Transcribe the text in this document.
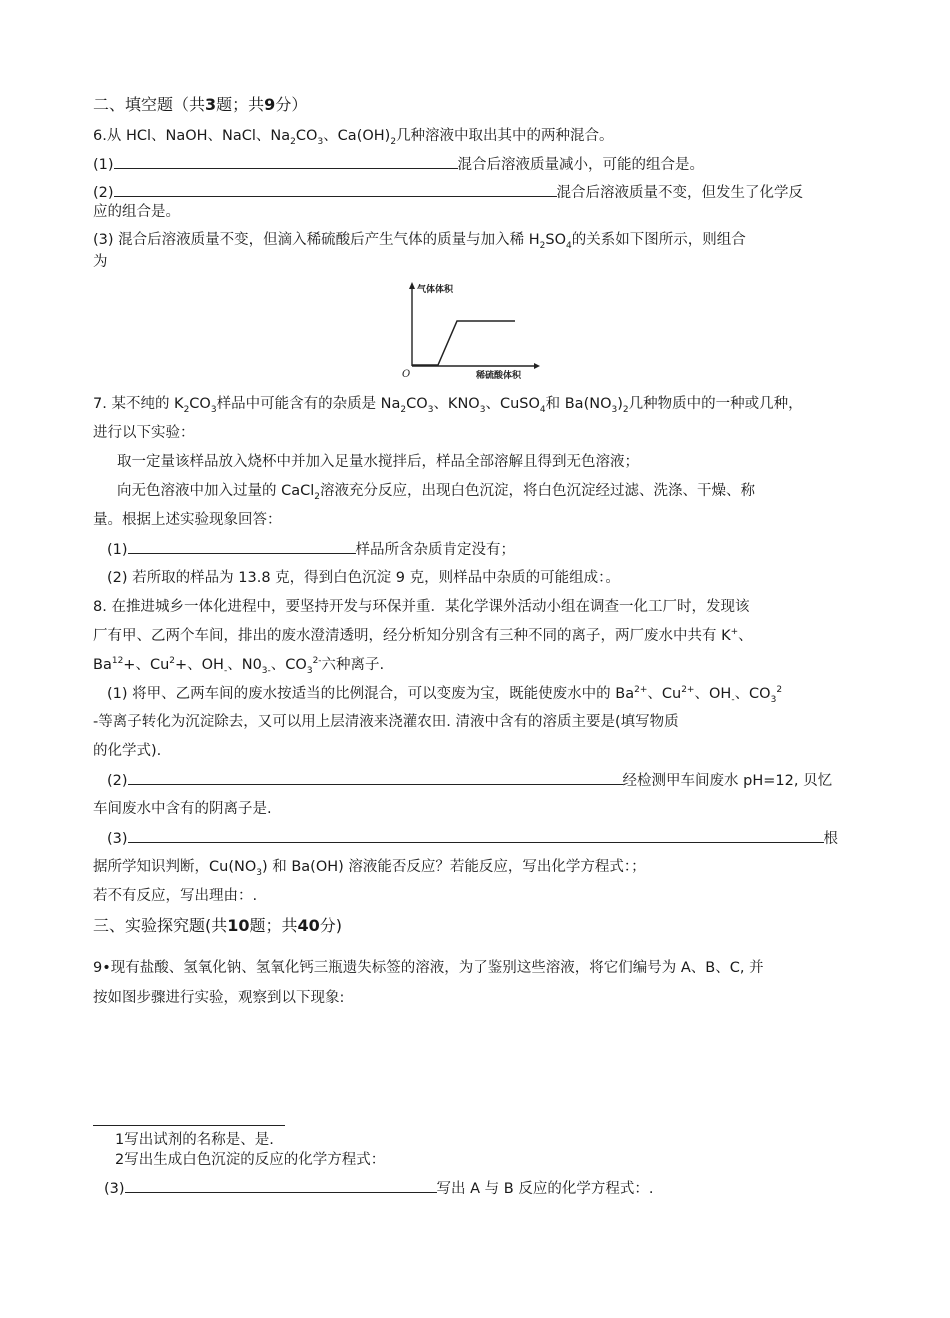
二、填空题（共3题；共9分）
6.从 HCl、NaOH、NaCl、$Na_2CO_3$、$Ca(OH)_2$几种溶液中取出其中的两种混合。
(1)	混合后溶液质量减小，可能的组合是。
(2)	混合后溶液质量不变，但发生了化学反
应的组合是。
(3) 混合后溶液质量不变，但滴入稀硫酸后产生气体的质量与加入稀 $H_2SO_4$的关系如下图所示，则组合
为
气体体积
稀硫酸体积
O
7. 某不纯的 $K_2CO_3$样品中可能含有的杂质是 $Na_2CO_3$、$KNO_3$、CuSO$_4$和 $Ba(NO_3)_2$几种物质中的一种或几种，
进行以下实验：
取一定量该样品放入烧杯中并加入足量水搅拌后，样品全部溶解且得到无色溶液；
向无色溶液中加入过量的 CaCl$_2$溶液充分反应，出现白色沉淀，将白色沉淀经过滤、洗涤、干燥、称
量。根据上述实验现象回答：
(1)	样品所含杂质肯定没有；
(2) 若所取的样品为 13.8 克，得到白色沉淀 9 克，则样品中杂质的可能组成：。
8. 在推进城乡一体化进程中，要坚持开发与环保并重．某化学课外活动小组在调查一化工厂时，发现该
厂有甲、乙两个车间，排出的废水澄清透明，经分析知分别含有三种不同的离子，两厂废水中共有 K+、
$Ba^{12}+$、$Cu^2+$、$OH_-$、$N0_{3-}$、$CO_3^{2-}$六种离子.
(1) 将甲、乙两车间的废水按适当的比例混合，可以变废为宝，既能使废水中的 $Ba^{2+}$、$Cu^{2+}$、$OH_-$、$CO_3^2$
-等离子转化为沉淀除去，又可以用上层清液来浇灌农田. 清液中含有的溶质主要是(填写物质
的化学式).
(2)	经检测甲车间废水 pH=12, 贝忆
车间废水中含有的阴离子是.
(3)	根
据所学知识判断，$Cu(NO_3)$ 和 Ba(OH) 溶液能否反应？若能反应，写出化学方程式：；
若不有反应，写出理由：.
三、实验探究题(共10题；共40分)
9•现有盐酸、氢氧化钠、氢氧化钙三瓶遗失标签的溶液，为了鉴别这些溶液，将它们编号为 A、B、C, 并
按如图步骤进行实验，观察到以下现象:
1写出试剂的名称是、是.
2写出生成白色沉淀的反应的化学方程式：
(3)	写出 A 与 B 反应的化学方程式：.
